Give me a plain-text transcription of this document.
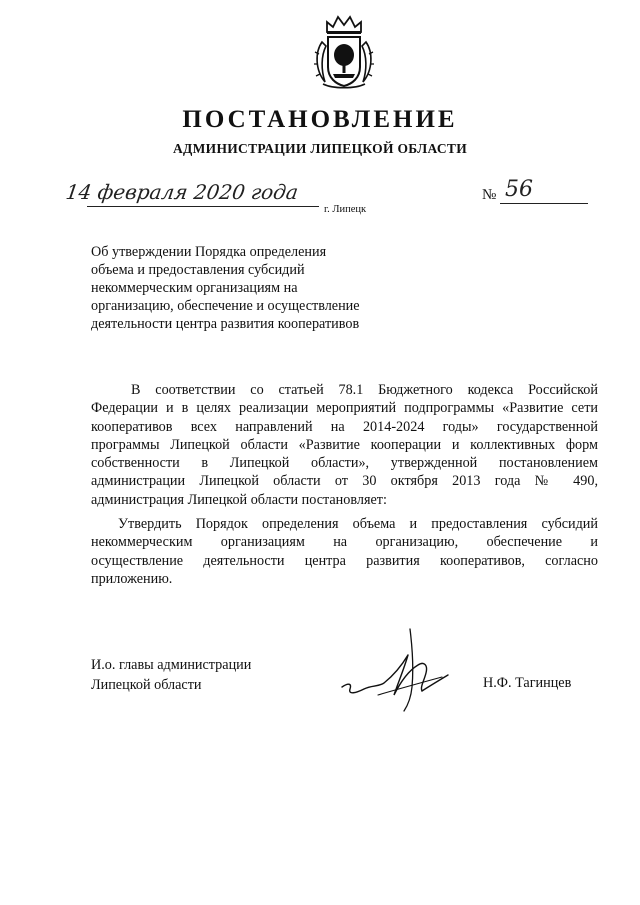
ПОСТАНОВЛЕНИЕ
АДМИНИСТРАЦИИ ЛИПЕЦКОЙ ОБЛАСТИ
14 февраля 2020 года
г. Липецк
№ 56
Об утверждении Порядка определения
объема и предоставления субсидий
некоммерческим организациям на
организацию, обеспечение и осуществление
деятельности центра развития кооперативов
В соответствии со статьей 78.1 Бюджетного кодекса Российской
Федерации и в целях реализации мероприятий подпрограммы «Развитие сети
кооперативов всех направлений на 2014-2024 годы» государственной
программы Липецкой области «Развитие кооперации и коллективных форм
собственности в Липецкой области», утвержденной постановлением
администрации Липецкой области от 30 октября 2013 года № 490,
администрация Липецкой области постановляет:
Утвердить Порядок определения объема и предоставления субсидий
некоммерческим организациям на организацию, обеспечение и
осуществление деятельности центра развития кооперативов, согласно
приложению.
И.о. главы администрации
Липецкой области	Н.Ф. Тагинцев
